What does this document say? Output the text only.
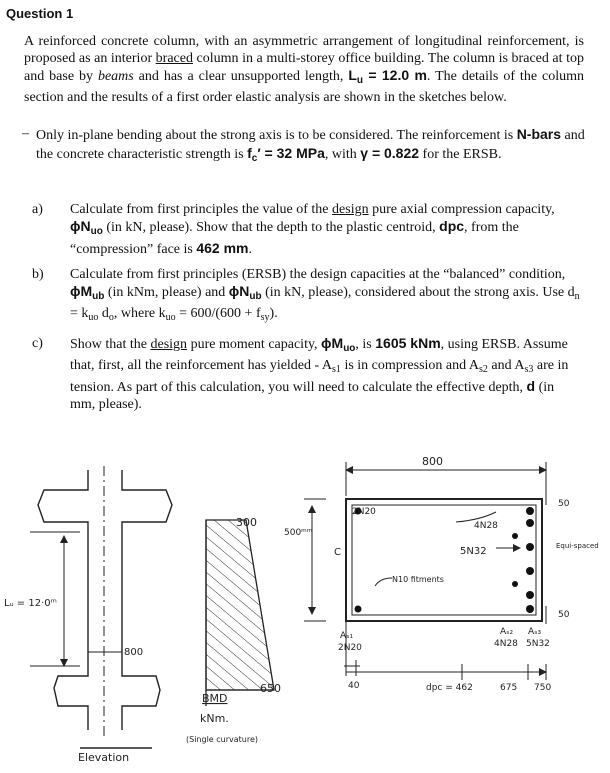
Question 1
A reinforced concrete column, with an asymmetric arrangement of longitudinal reinforcement, is proposed as an interior braced column in a multi-storey office building. The column is braced at top and base by beams and has a clear unsupported length, $L_u = 12.0$ m. The details of the column section and the results of a first order elastic analysis are shown in the sketches below.
– Only in-plane bending about the strong axis is to be considered. The reinforcement is N-bars and the concrete characteristic strength is $f_c' = 32$ MPa, with γ = 0.822 for the ERSB.
a) Calculate from first principles the value of the design pure axial compression capacity, $\phi N_{uo}$ (in kN, please). Show that the depth to the plastic centroid, dpc, from the “compression” face is 462 mm.
b) Calculate from first principles (ERSB) the design capacities at the “balanced” condition, $\phi M_{ub}$ (in kNm, please) and $\phi N_{ub}$ (in kN, please), considered about the strong axis. Use $d_n = k_{uo}$ $d_o$, where $k_{uo} = 600/(600 + f_{sy})$.
c) Show that the design pure moment capacity, $\phi M_{uo}$, is 1605 kNm, using ERSB. Assume that, first, all the reinforcement has yielded - $A_{s1}$ is in compression and $A_{s2}$ and $A_{s3}$ are in tension. As part of this calculation, you will need to calculate the effective depth, d (in mm, please).
Lᵤ = 12·0ᵐ
800
Elevation
300
650
BMD
kNm.
(Single curvature)
800
500ᵐᵐ
C
2N20
4N28
5N32
N10 fitments
Equi-spaced
50
50
Aₛ₁
2N20
Aₛ₂ Aₛ₃
4N28 5N32
40	dpc = 462	675 750
